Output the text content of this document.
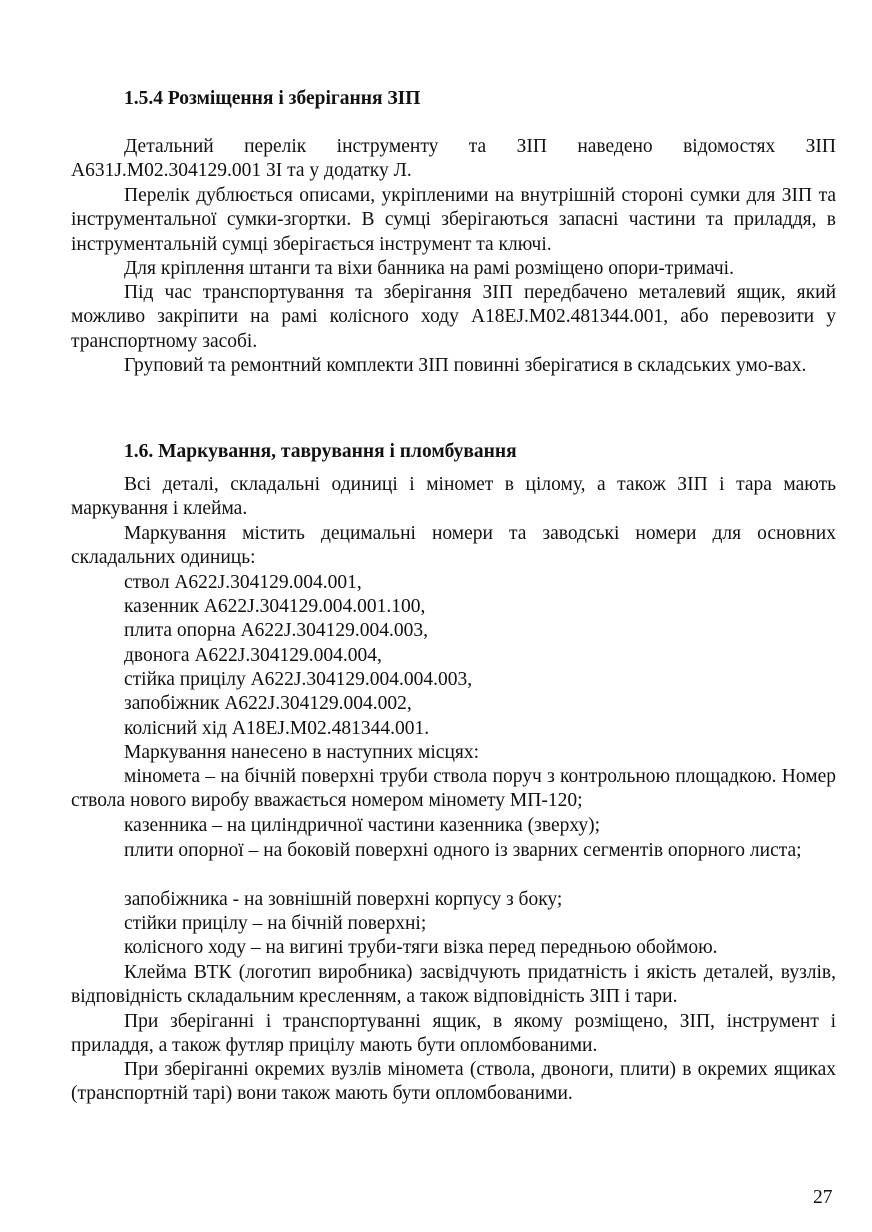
1.5.4 Розміщення і зберігання ЗІП
Детальний перелік інструменту та ЗІП наведено відомостях ЗІП А631J.М02.304129.001 ЗІ та у додатку Л.
Перелік дублюється описами, укріпленими на внутрішній стороні сумки для ЗІП та інструментальної сумки-згортки. В сумці зберігаються запасні частини та приладдя, в інструментальній сумці зберігається інструмент та ключі.
Для кріплення штанги та віхи банника на рамі розміщено опори-тримачі.
Під час транспортування та зберігання ЗІП передбачено металевий ящик, який можливо закріпити на рамі колісного ходу А18ЕJ.М02.481344.001, або перевозити у транспортному засобі.
Груповий та ремонтний комплекти ЗІП повинні зберігатися в складських умо-вах.
1.6. Маркування, таврування і пломбування
Всі деталі, складальні одиниці і міномет в цілому, а також ЗІП і тара мають маркування і клейма.
Маркування містить децимальні номери та заводські номери для основних складальних одиниць:
ствол А622J.304129.004.001,
казенник А622J.304129.004.001.100,
плита опорна А622J.304129.004.003,
двонога А622J.304129.004.004,
стійка прицілу А622J.304129.004.004.003,
запобіжник А622J.304129.004.002,
колісний хід А18ЕJ.М02.481344.001.
Маркування нанесено в наступних місцях:
міномета – на бічній поверхні труби ствола поруч з контрольною площадкою. Номер ствола нового виробу вважається номером міномету МП-120;
казенника – на циліндричної частини казенника (зверху);
плити опорної – на боковій поверхні одного із зварних сегментів опорного листа;
запобіжника - на зовнішній поверхні корпусу з боку;
стійки прицілу – на бічній поверхні;
колісного ходу – на вигині труби-тяги візка перед передньою обоймою.
Клейма ВТК (логотип виробника) засвідчують придатність і якість деталей, вузлів, відповідність складальним кресленням, а також відповідність ЗІП і тари.
При зберіганні і транспортуванні ящик, в якому розміщено, ЗІП, інструмент і приладдя, а також футляр прицілу мають бути опломбованими.
При зберіганні окремих вузлів міномета (ствола, двоноги, плити) в окремих ящиках (транспортній тарі) вони також мають бути опломбованими.
27
